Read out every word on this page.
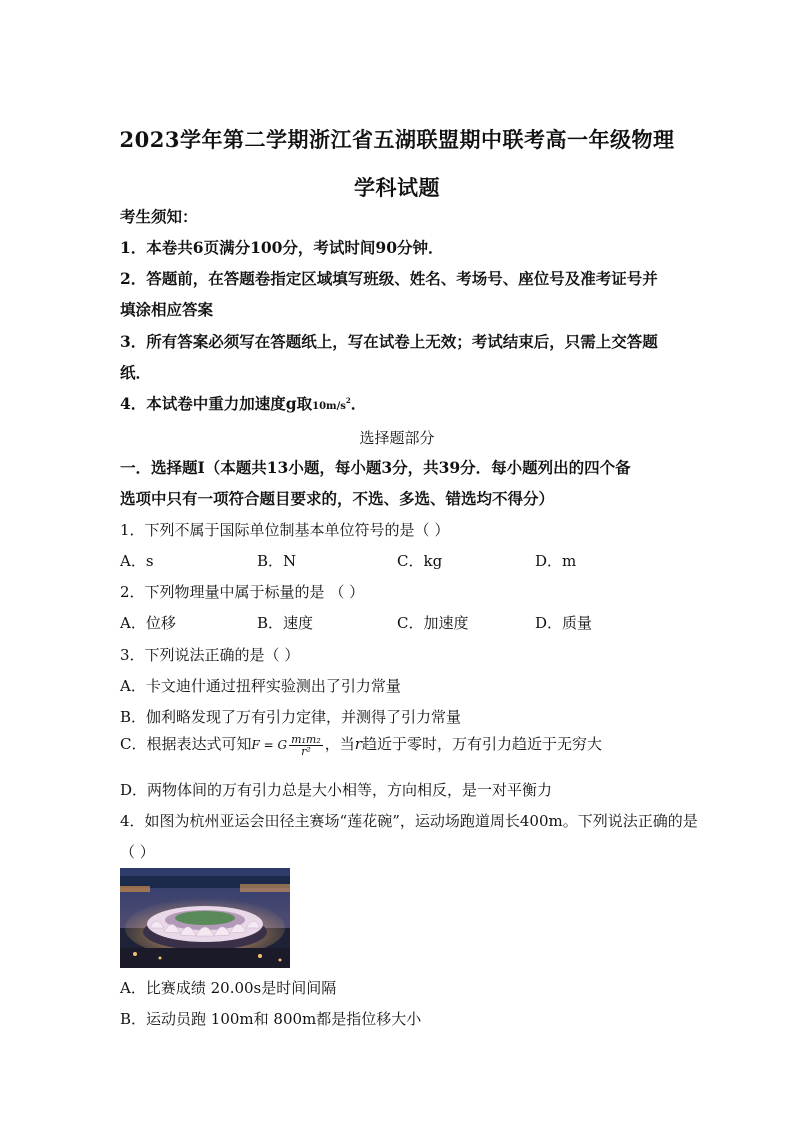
2023学年第二学期浙江省五湖联盟期中联考高一年级物理
学科试题
考生须知：
1．本卷共6页满分100分，考试时间90分钟．
2．答题前，在答题卷指定区域填写班级、姓名、考场号、座位号及准考证号并
填涂相应答案
3．所有答案必须写在答题纸上，写在试卷上无效；考试结束后，只需上交答题
纸．
4．本试卷中重力加速度g取$10m/s^2$．
选择题部分
一．选择题Ⅰ（本题共13小题，每小题3分，共39分．每小题列出的四个备
选项中只有一项符合题目要求的，不选、多选、错选均不得分）
1．下列不属于国际单位制基本单位符号的是（ ）
A．s	B．N	C．kg	D．m
2．下列物理量中属于标量的是 （ ）
A．位移	B．速度	C．加速度	D．质量
3．下列说法正确的是（ ）
A．卡文迪什通过扭秤实验测出了引力常量
B．伽利略发现了万有引力定律，并测得了引力常量
C．根据表达式可知F = G $\frac{\text{m₁m₂}}{\text{r²}}$ ，当r趋近于零时，万有引力趋近于无穷大
D．两物体间的万有引力总是大小相等，方向相反，是一对平衡力
4．如图为杭州亚运会田径主赛场“莲花碗”，运动场跑道周长400m。下列说法正确的是
（ ）
A．比赛成绩 20.00s是时间间隔
B．运动员跑 100m和 800m都是指位移大小
